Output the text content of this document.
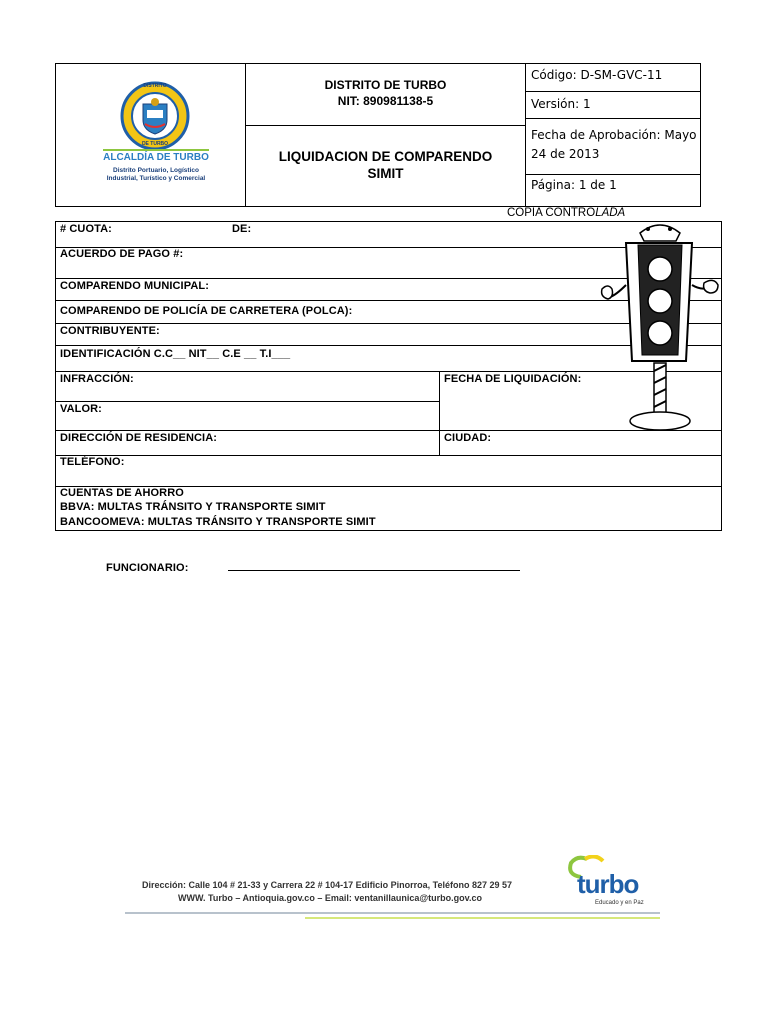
DISTRITO
DE TURBO
ALCALDÍA DE TURBO
Distrito Portuario, Logístico
Industrial, Turístico y Comercial
DISTRITO DE TURBO
NIT: 890981138-5
LIQUIDACION DE COMPARENDO
SIMIT
Código: D-SM-GVC-11
Versión: 1
Fecha de Aprobación: Mayo
24 de 2013
Página: 1 de 1
COPIA CONTROLADA
# CUOTA:	DE:
ACUERDO DE PAGO #:
COMPARENDO MUNICIPAL:
COMPARENDO DE POLICÍA DE CARRETERA (POLCA):
CONTRIBUYENTE:
IDENTIFICACIÓN C.C__ NIT__ C.E __ T.I___
INFRACCIÓN:	FECHA DE LIQUIDACIÓN:
VALOR:
DIRECCIÓN DE RESIDENCIA:	CIUDAD:
TELÉFONO:
CUENTAS DE AHORRO
BBVA: MULTAS TRÁNSITO Y TRANSPORTE SIMIT
BANCOOMEVA: MULTAS TRÁNSITO Y TRANSPORTE SIMIT
FUNCIONARIO:
Dirección: Calle 104 # 21-33 y Carrera 22 # 104-17 Edificio Pinorroa, Teléfono 827 29 57
WWW. Turbo – Antioquia.gov.co – Email: ventanillaunica@turbo.gov.co	turbo
Educado y en Paz
